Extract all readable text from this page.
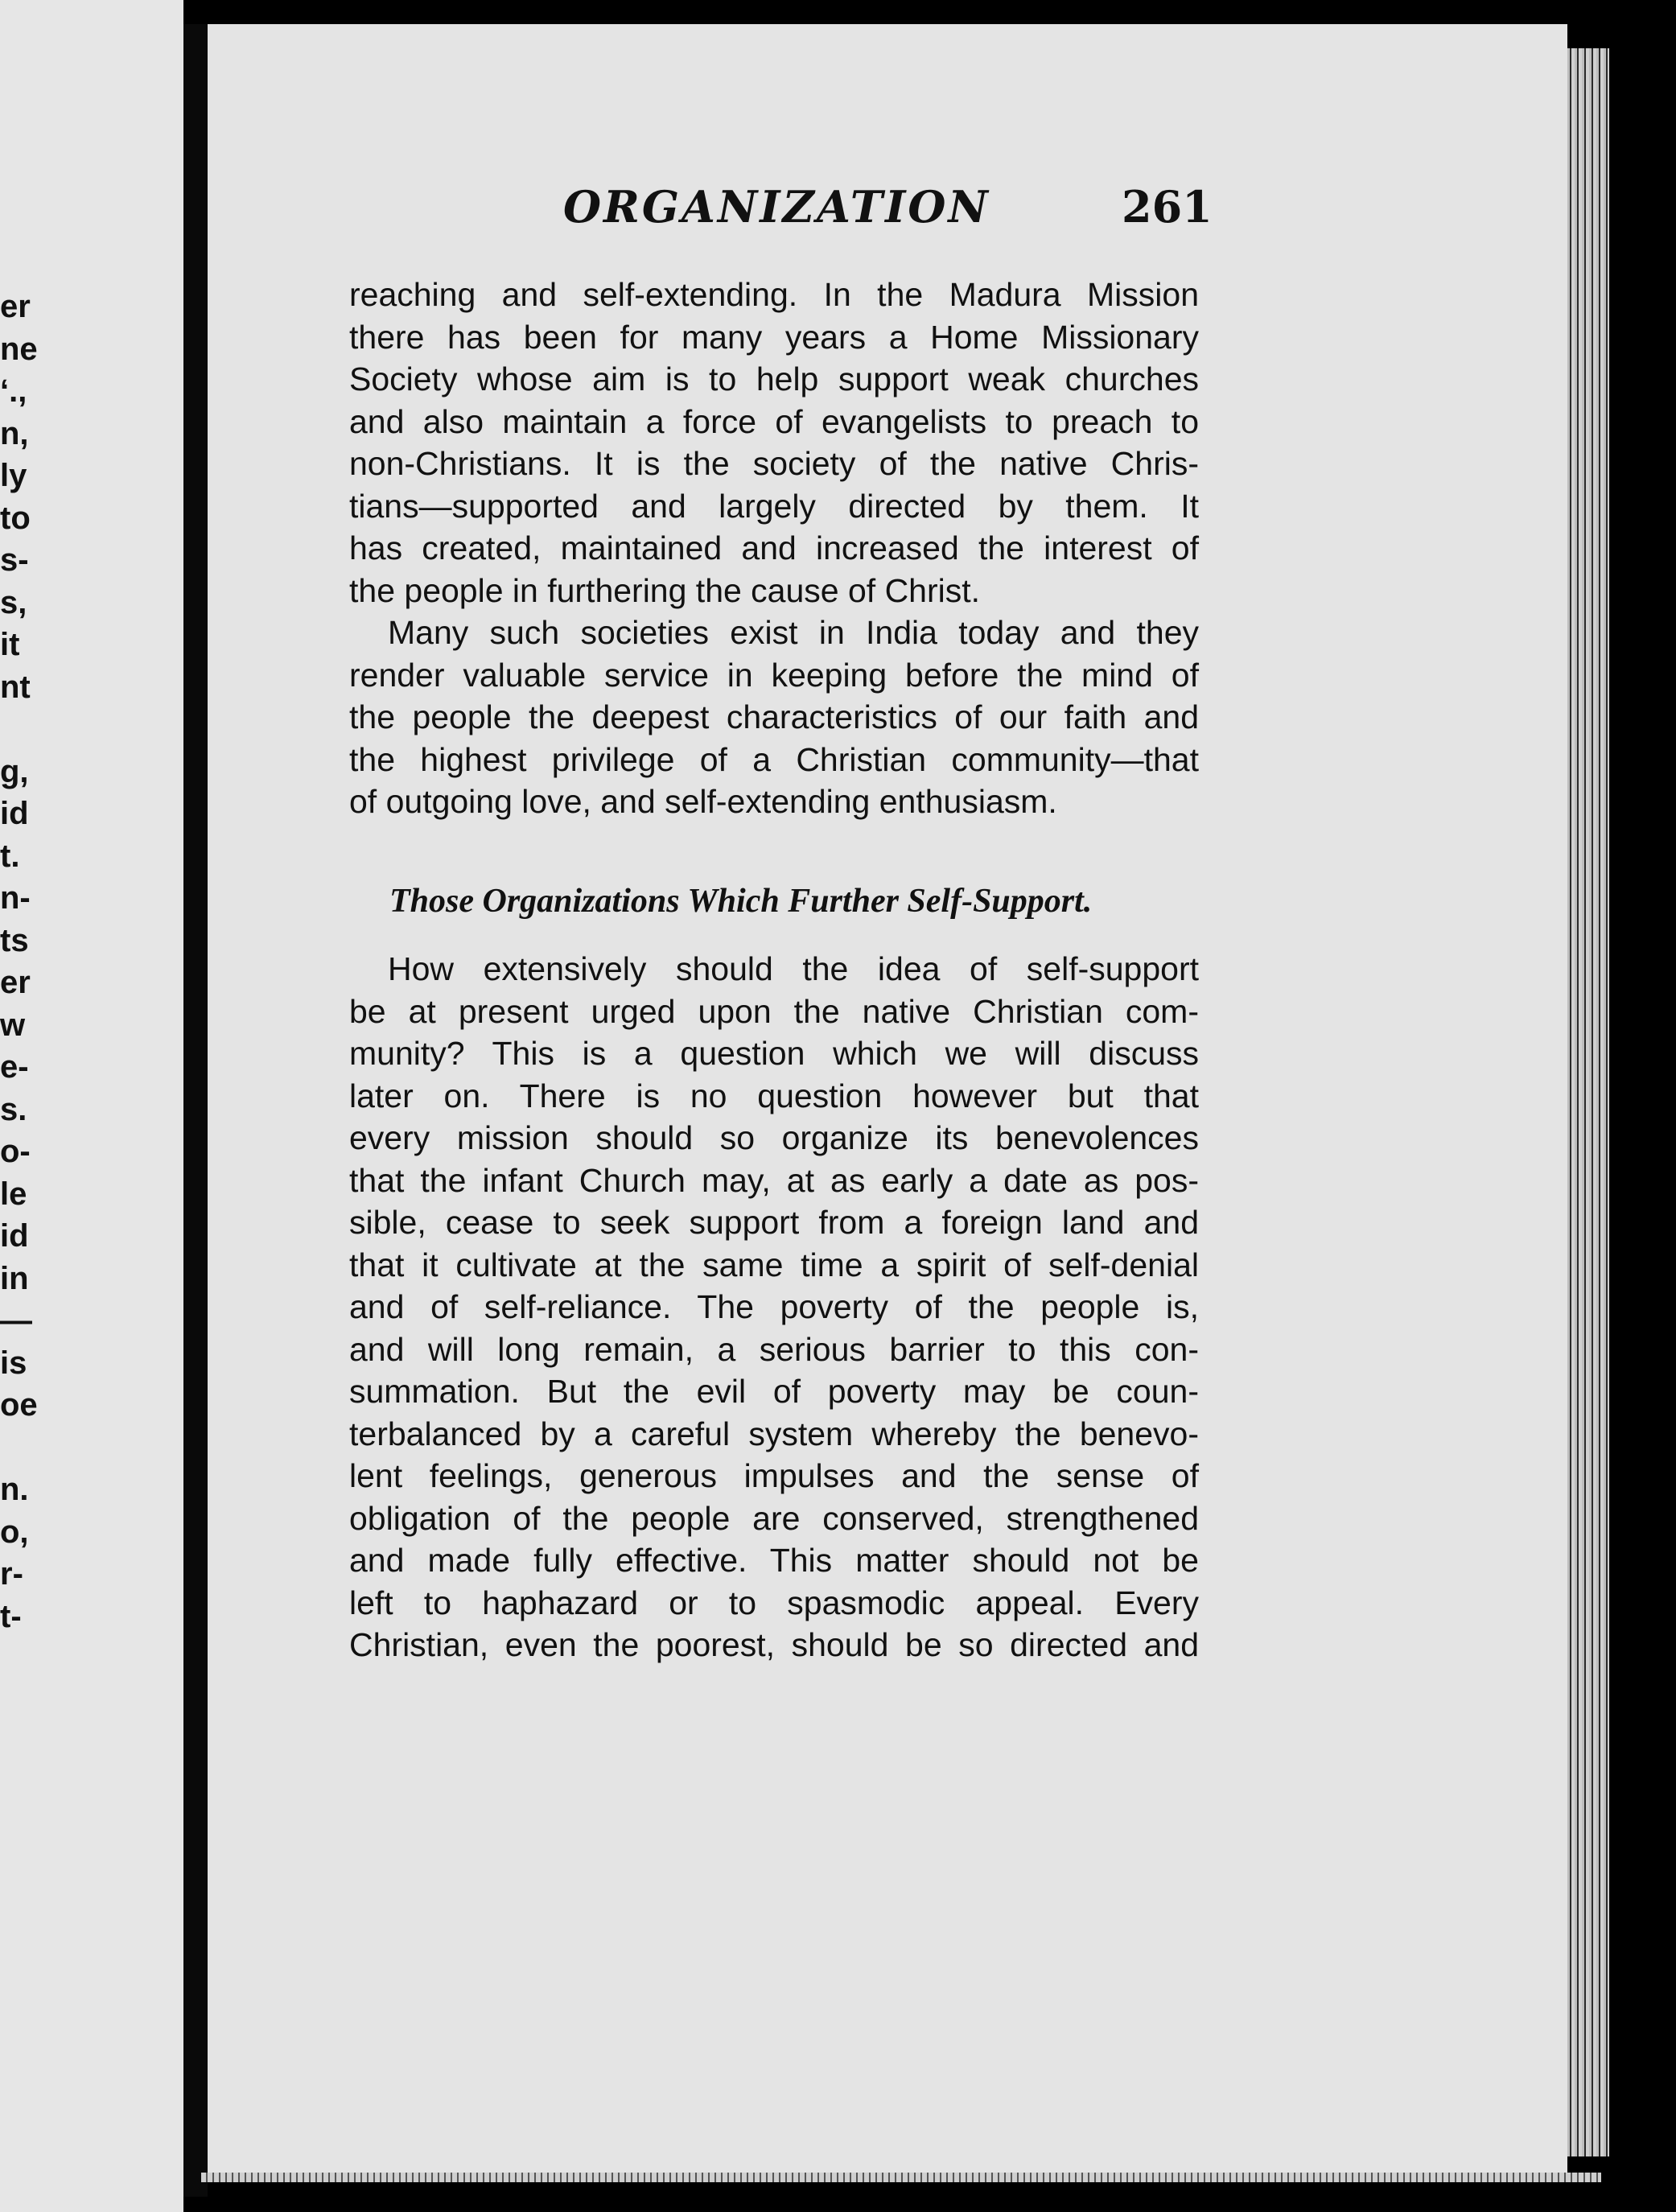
er
ne
‘.,
n,
ly
to
s-
s,
it
nt
g,
id
t.
n-
ts
er
w
e-
s.
o-
le
id
in
—
is
oe
n.
o,
r-
t-
ORGANIZATION	261
reaching and self-extending. In the Madura Mission
there has been for many years a Home Missionary
Society whose aim is to help support weak churches
and also maintain a force of evangelists to preach to
non-Christians. It is the society of the native Chris-
tians—supported and largely directed by them. It
has created, maintained and increased the interest of
the people in furthering the cause of Christ.
Many such societies exist in India today and they
render valuable service in keeping before the mind of
the people the deepest characteristics of our faith and
the highest privilege of a Christian community—that
of outgoing love, and self-extending enthusiasm.
Those Organizations Which Further Self-Support.
How extensively should the idea of self-support
be at present urged upon the native Christian com-
munity? This is a question which we will discuss
later on. There is no question however but that
every mission should so organize its benevolences
that the infant Church may, at as early a date as pos-
sible, cease to seek support from a foreign land and
that it cultivate at the same time a spirit of self-denial
and of self-reliance. The poverty of the people is,
and will long remain, a serious barrier to this con-
summation. But the evil of poverty may be coun-
terbalanced by a careful system whereby the benevo-
lent feelings, generous impulses and the sense of
obligation of the people are conserved, strengthened
and made fully effective. This matter should not be
left to haphazard or to spasmodic appeal. Every
Christian, even the poorest, should be so directed and
